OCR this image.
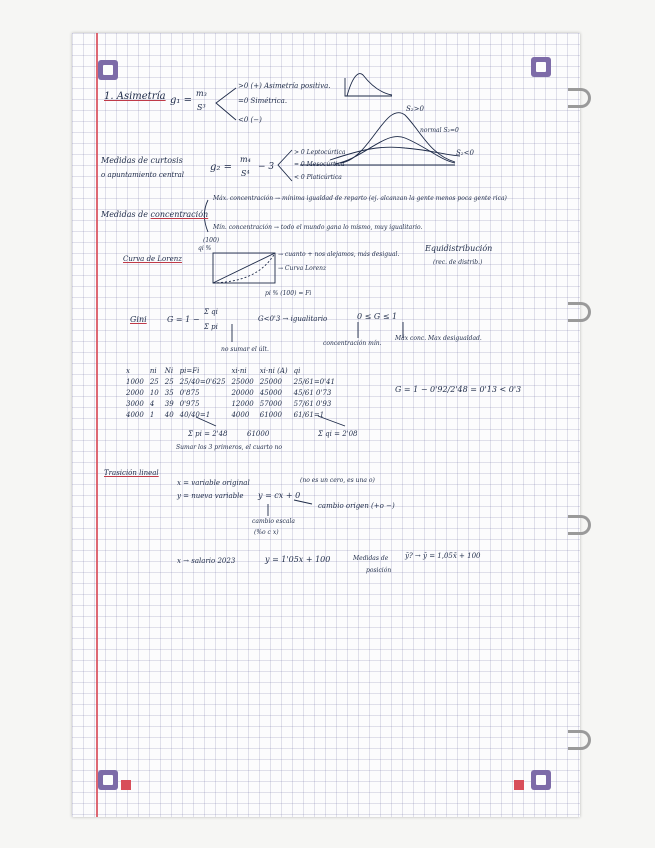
1. Asimetría g₁ =
m₃
S³
>0 (+) Asimetría positiva.
=0 Simétrica.
<0 (−)
S₂>0
normal S₂=0
S₂<0
Medidas de curtosis
o apuntamiento central
g₂ =
m₄
S⁴
− 3
> 0 Leptocúrtica
= 0 Mesocúrtica
< 0 Platicúrtica
Medidas de concentración
Máx. concentración → mínima igualdad de reparto (ej. alcanzan la gente menos poca gente rica)
Mín. concentración → todo el mundo gana lo mismo, muy igualitario.
Curva de Lorenz
qi %
(100)
→ cuanto + nos alejamos, más desigual.
Equidistribución
(rec. de distrib.)
→ Curva Lorenz
pi % (100) = Fi
Gini	G = 1 −
Σ qi
Σ pi
G<0'3 → igualitario	0 ≤ G ≤ 1
concentración mín.
Máx conc. Max desigualdad.
no sumar el últ.
x	ni	Ni	pi=Fi	xi·ni	xi·ni (A)	qi
1000	25	25	25/40=0'625	25000	25000	25/61=0'41
2000	10	35	0'875	20000	45000	45/61 0'73
3000	4	39	0'975	12000	57000	57/61 0'93
4000	1	40	40/40=1	4000	61000	61/61=1
Σ pi = 2'48	61000	Σ qi = 2'08
Sumar los 3 primeros, el cuarto no
G = 1 − 0'92/2'48 = 0'13 < 0'3
Trasición lineal
x = variable original
y = nueva variable y = cx + 0
(no es un cero, es una o)
cambio origen (+o −)
cambio escala
(%o c x)
x → salario 2023	y = 1'05x + 100	Medidas de
posición
ȳ? → ȳ = 1,05x̄ + 100
